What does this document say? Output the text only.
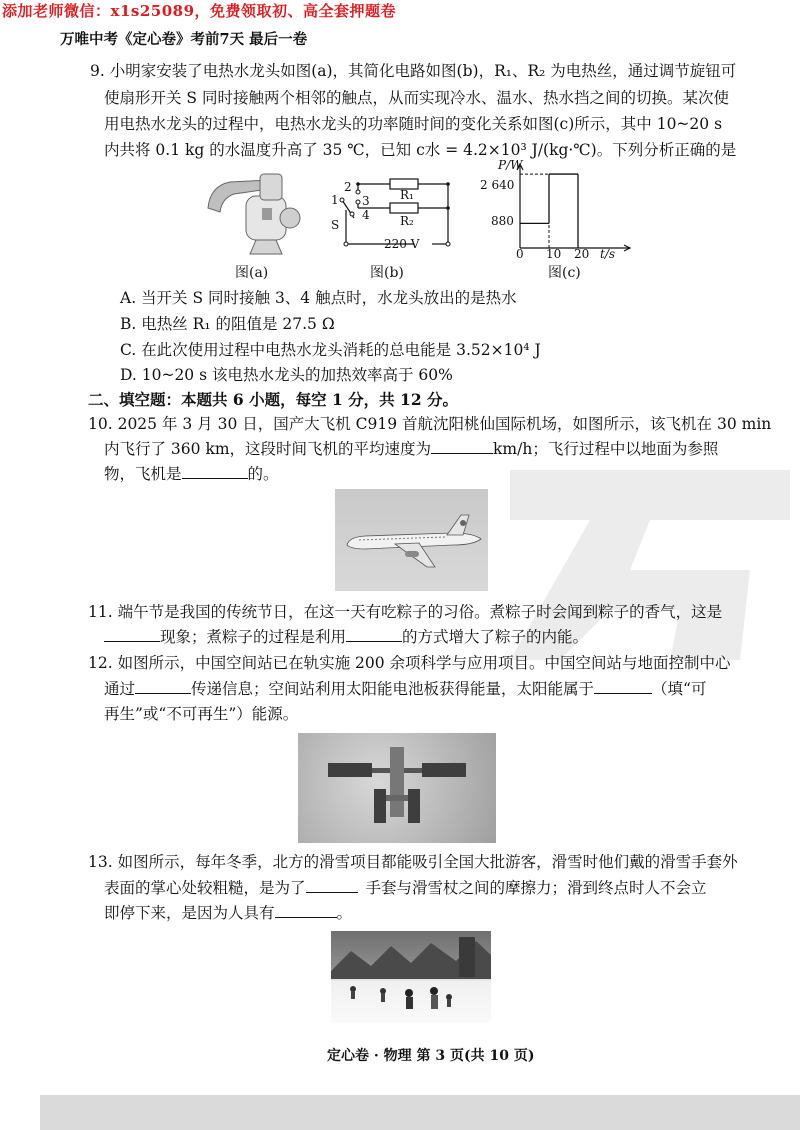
添加老师微信：x1s25089，免费领取初、高全套押题卷
万唯中考《定心卷》考前7天 最后一卷
9. 小明家安装了电热水龙头如图(a)，其简化电路如图(b)，R₁、R₂ 为电热丝，通过调节旋钮可
使扇形开关 S 同时接触两个相邻的触点，从而实现冷水、温水、热水挡之间的切换。某次使
用电热水龙头的过程中，电热水龙头的功率随时间的变化关系如图(c)所示，其中 10~20 s
内共将 0.1 kg 的水温度升高了 35 ℃，已知 c水 = 4.2×10³ J/(kg·℃)。下列分析正确的是
图(a)
2
1 3
4
S
R₁
R₂
220 V
图(b)
P/W
2 640
880
0 10 20 t/s
图(c)
A. 当开关 S 同时接触 3、4 触点时，水龙头放出的是热水
B. 电热丝 R₁ 的阻值是 27.5 Ω
C. 在此次使用过程中电热水龙头消耗的总电能是 3.52×10⁴ J
D. 10~20 s 该电热水龙头的加热效率高于 60%
二、填空题：本题共 6 小题，每空 1 分，共 12 分。
10. 2025 年 3 月 30 日，国产大飞机 C919 首航沈阳桃仙国际机场，如图所示，该飞机在 30 min
内飞行了 360 km，这段时间飞机的平均速度为	km/h；飞行过程中以地面为参照
物，飞机是	的。
11. 端午节是我国的传统节日，在这一天有吃粽子的习俗。煮粽子时会闻到粽子的香气，这是
现象；煮粽子的过程是利用	的方式增大了粽子的内能。
12. 如图所示，中国空间站已在轨实施 200 余项科学与应用项目。中国空间站与地面控制中心
通过	传递信息；空间站利用太阳能电池板获得能量，太阳能属于	（填“可
再生”或“不可再生”）能源。
13. 如图所示，每年冬季，北方的滑雪项目都能吸引全国大批游客，滑雪时他们戴的滑雪手套外
表面的掌心处较粗糙，是为了	手套与滑雪杖之间的摩擦力；滑到终点时人不会立
即停下来，是因为人具有	。
定心卷 · 物理 第 3 页(共 10 页)
